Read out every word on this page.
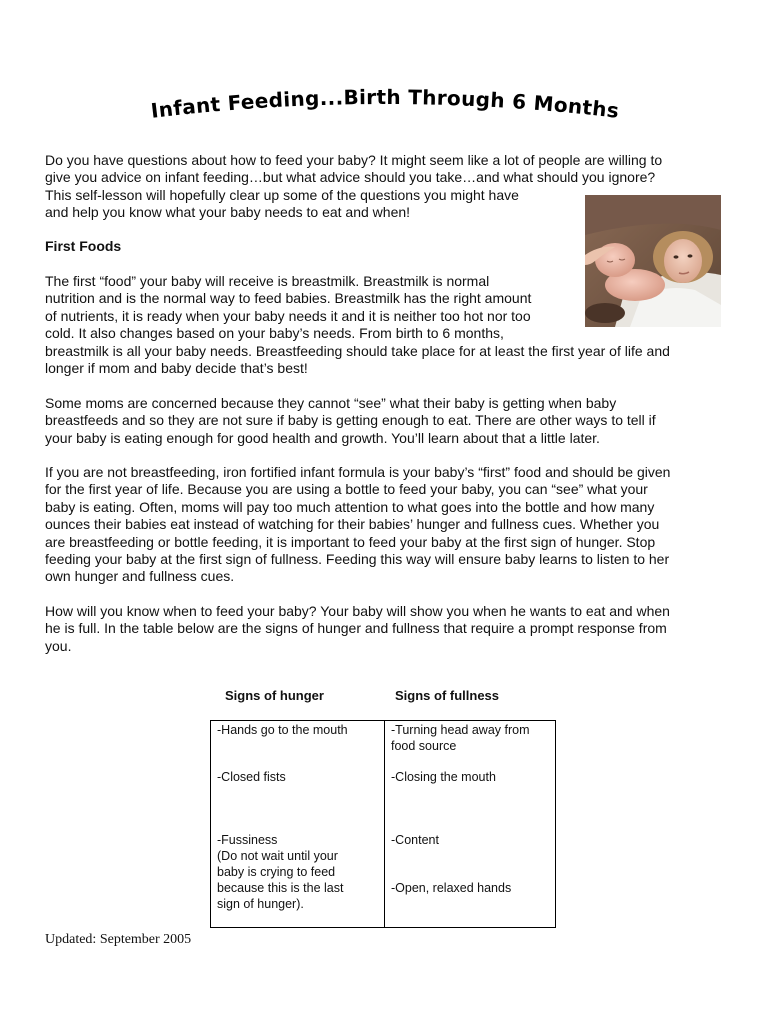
Infant Feeding...Birth Through 6 Months
Do you have questions about how to feed your baby? It might seem like a lot of people are willing to
give you advice on infant feeding…but what advice should you take…and what should you ignore?
This self-lesson will hopefully clear up some of the questions you might have
and help you know what your baby needs to eat and when!
First Foods
The first “food” your baby will receive is breastmilk. Breastmilk is normal
nutrition and is the normal way to feed babies. Breastmilk has the right amount
of nutrients, it is ready when your baby needs it and it is neither too hot nor too
cold. It also changes based on your baby’s needs. From birth to 6 months,
breastmilk is all your baby needs. Breastfeeding should take place for at least the first year of life and
longer if mom and baby decide that’s best!
Some moms are concerned because they cannot “see” what their baby is getting when baby
breastfeeds and so they are not sure if baby is getting enough to eat. There are other ways to tell if
your baby is eating enough for good health and growth. You’ll learn about that a little later.
If you are not breastfeeding, iron fortified infant formula is your baby’s “first” food and should be given
for the first year of life. Because you are using a bottle to feed your baby, you can “see” what your
baby is eating. Often, moms will pay too much attention to what goes into the bottle and how many
ounces their babies eat instead of watching for their babies’ hunger and fullness cues. Whether you
are breastfeeding or bottle feeding, it is important to feed your baby at the first sign of hunger. Stop
feeding your baby at the first sign of fullness. Feeding this way will ensure baby learns to listen to her
own hunger and fullness cues.
How will you know when to feed your baby? Your baby will show you when he wants to eat and when
he is full. In the table below are the signs of hunger and fullness that require a prompt response from
you.
Signs of hunger	Signs of fullness
-Hands go to the mouth
-Closed fists
-Fussiness
(Do not wait until your
baby is crying to feed
because this is the last
sign of hunger).
-Turning head away from
food source
-Closing the mouth
-Content
-Open, relaxed hands
Updated: September 2005
